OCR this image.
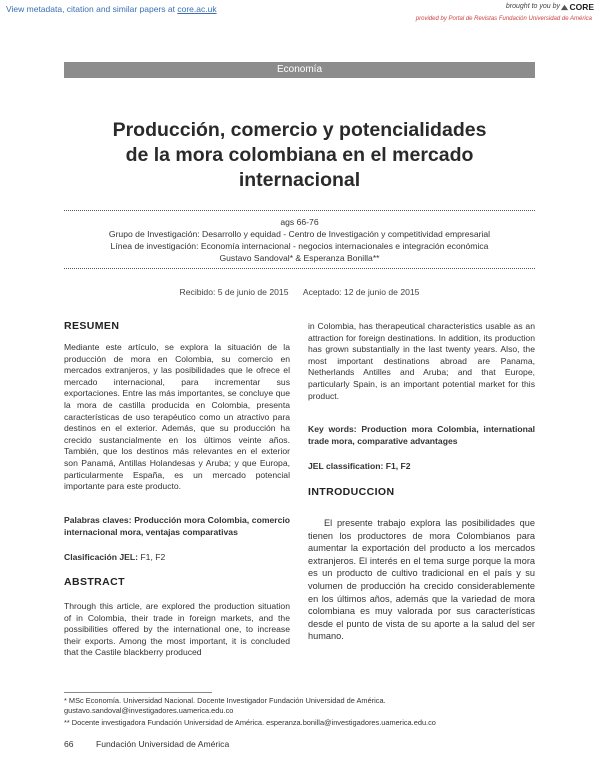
View metadata, citation and similar papers at core.ac.uk	brought to you by	CORE
provided by Portal de Revistas Fundación Universidad de América
Economía
Producción, comercio y potencialidades
de la mora colombiana en el mercado
internacional
ags 66-76
Grupo de Investigación: Desarrollo y equidad - Centro de Investigación y competitividad empresarial
Línea de investigación: Economía internacional - negocios internacionales e integración económica
Gustavo Sandoval* & Esperanza Bonilla**
Recibido: 5 de junio de 2015 Aceptado: 12 de junio de 2015
RESUMEN
Mediante este artículo, se explora la situación de la producción de mora en Colombia, su comercio en mercados extranjeros, y las posibilidades que le ofrece el mercado internacional, para incrementar sus exportaciones. Entre las más importantes, se concluye que la mora de castilla producida en Colombia, presenta características de uso terapéutico como un atractivo para destinos en el exterior. Además, que su producción ha crecido sustancialmente en los últimos veinte años. También, que los destinos más relevantes en el exterior son Panamá, Antillas Holandesas y Aruba; y que Europa, particularmente España, es un mercado potencial importante para este producto.
Palabras claves: Producción mora Colombia, comercio internacional mora, ventajas comparativas
Clasificación JEL: F1, F2
ABSTRACT
Through this article, are explored the production situation of in Colombia, their trade in foreign markets, and the possibilities offered by the international one, to increase their exports. Among the most important, it is concluded that the Castile blackberry produced
in Colombia, has therapeutical characteristics usable as an attraction for foreign destinations. In addition, its production has grown substantially in the last twenty years. Also, the most important destinations abroad are Panama, Netherlands Antilles and Aruba; and that Europe, particularly Spain, is an important potential market for this product.
Key words: Production mora Colombia, international trade mora, comparative advantages
JEL classification: F1, F2
INTRODUCCION
El presente trabajo explora las posibilidades que tienen los productores de mora Colombianos para aumentar la exportación del producto a los mercados extranjeros. El interés en el tema surge porque la mora es un producto de cultivo tradicional en el país y su volumen de producción ha crecido considerablemente en los últimos años, además que la variedad de mora colombiana es muy valorada por sus características desde el punto de vista de su aporte a la salud del ser humano.
* MSc Economía. Universidad Nacional. Docente Investigador Fundación Universidad de América. gustavo.sandoval@investigadores.uamerica.edu.co
** Docente investigadora Fundación Universidad de América. esperanza.bonilla@investigadores.uamerica.edu.co
66	Fundación Universidad de América
